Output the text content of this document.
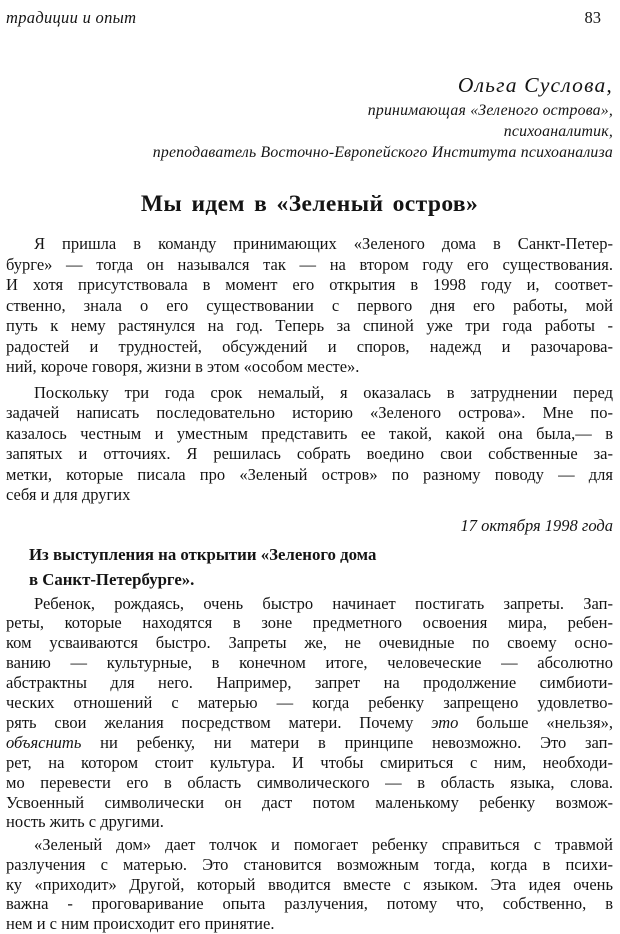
традиции и опыт	83
Ольга Суслова,
принимающая «Зеленого острова»,
психоаналитик,
преподаватель Восточно-Европейского Института психоанализа
Мы идем в «Зеленый остров»
Я пришла в команду принимающих «Зеленого дома в Санкт-Петер-
бурге» — тогда он назывался так — на втором году его существования.
И хотя присутствовала в момент его открытия в 1998 году и, соответ-
ственно, знала о его существовании с первого дня его работы, мой
путь к нему растянулся на год. Теперь за спиной уже три года работы -
радостей и трудностей, обсуждений и споров, надежд и разочарова-
ний, короче говоря, жизни в этом «особом месте».
Поскольку три года срок немалый, я оказалась в затруднении перед
задачей написать последовательно историю «Зеленого острова». Мне по-
казалось честным и уместным представить ее такой, какой она была,— в
запятых и отточиях. Я решилась собрать воедино свои собственные за-
метки, которые писала про «Зеленый остров» по разному поводу — для
себя и для других
17 октября 1998 года
Из выступления на открытии «Зеленого дома
в Санкт-Петербурге».
Ребенок, рождаясь, очень быстро начинает постигать запреты. Зап-
реты, которые находятся в зоне предметного освоения мира, ребен-
ком усваиваются быстро. Запреты же, не очевидные по своему осно-
ванию — культурные, в конечном итоге, человеческие — абсолютно
абстрактны для него. Например, запрет на продолжение симбиоти-
ческих отношений с матерью — когда ребенку запрещено удовлетво-
рять свои желания посредством матери. Почему это больше «нельзя»,
объяснить ни ребенку, ни матери в принципе невозможно. Это зап-
рет, на котором стоит культура. И чтобы смириться с ним, необходи-
мо перевести его в область символического — в область языка, слова.
Усвоенный символически он даст потом маленькому ребенку возмож-
ность жить с другими.
«Зеленый дом» дает толчок и помогает ребенку справиться с травмой
разлучения с матерью. Это становится возможным тогда, когда в психи-
ку «приходит» Другой, который вводится вместе с языком. Эта идея очень
важна - проговаривание опыта разлучения, потому что, собственно, в
нем и с ним происходит его принятие.
